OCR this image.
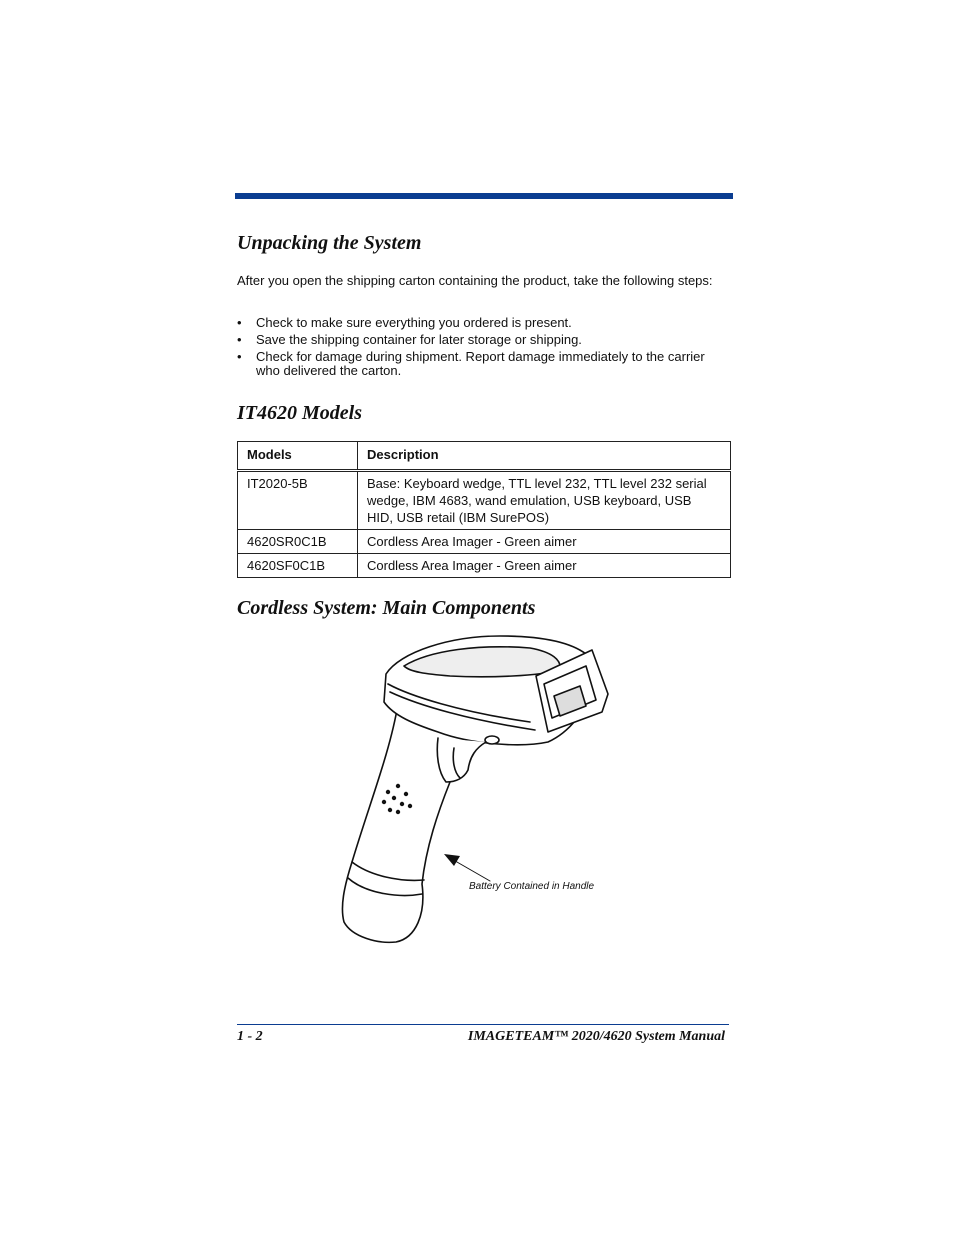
Unpacking the System
After you open the shipping carton containing the product, take the following steps:
• Check to make sure everything you ordered is present.
• Save the shipping container for later storage or shipping.
• Check for damage during shipment. Report damage immediately to the carrier who delivered the carton.
IT4620 Models
Models	Description
IT2020-5B	Base: Keyboard wedge, TTL level 232, TTL level 232 serial wedge, IBM 4683, wand emulation, USB keyboard, USB HID, USB retail (IBM SurePOS)
4620SR0C1B	Cordless Area Imager - Green aimer
4620SF0C1B	Cordless Area Imager - Green aimer
Cordless System: Main Components
Battery Contained in Handle
1 - 2	IMAGETEAM™ 2020/4620 System Manual
